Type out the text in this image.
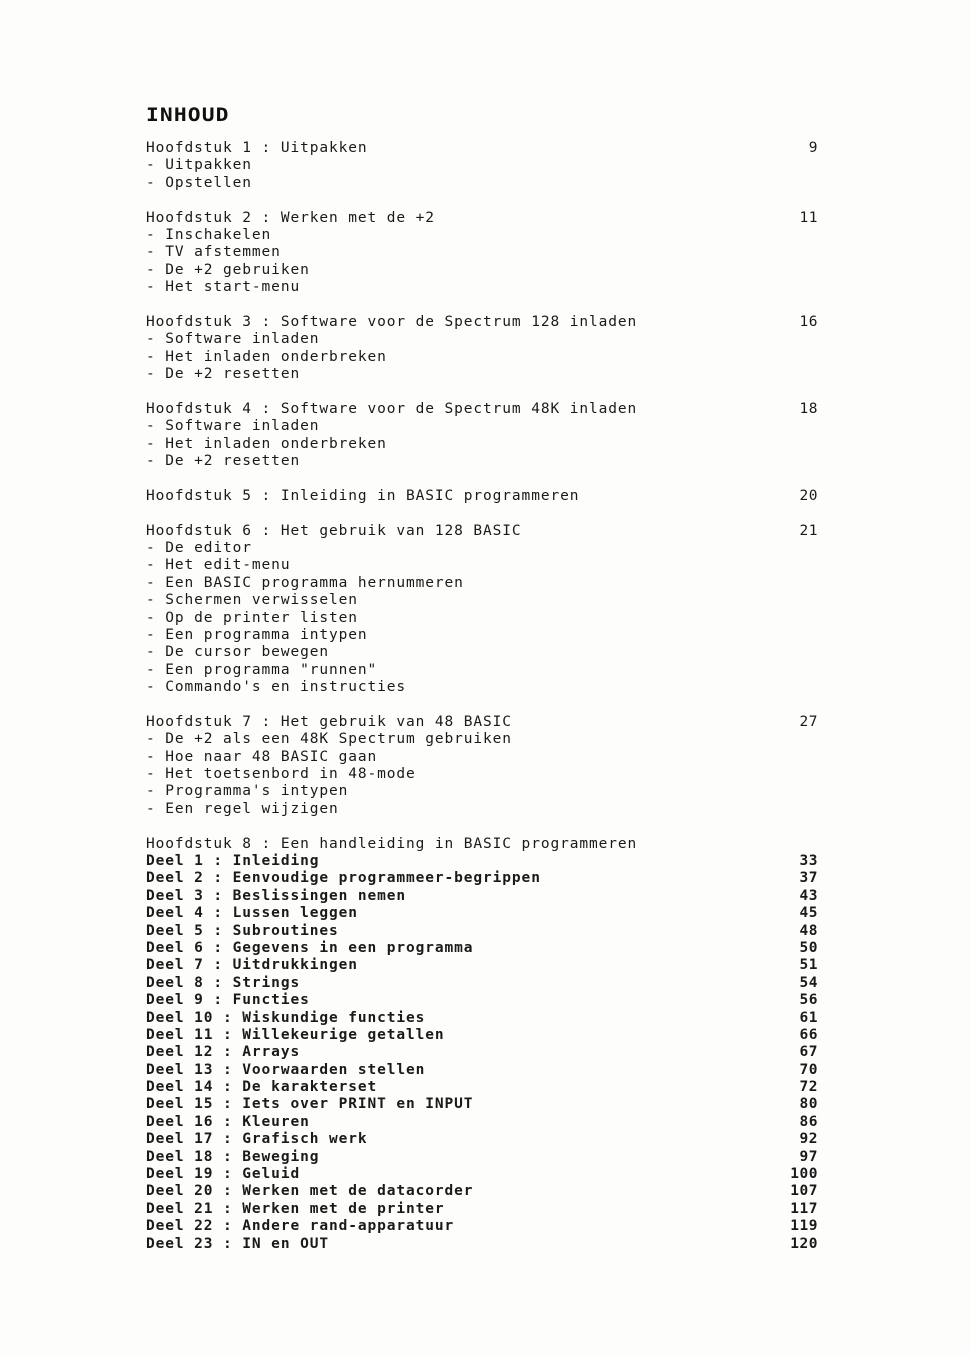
INHOUD
Hoofdstuk 1 : Uitpakken	9
- Uitpakken
- Opstellen
Hoofdstuk 2 : Werken met de +2	11
- Inschakelen
- TV afstemmen
- De +2 gebruiken
- Het start-menu
Hoofdstuk 3 : Software voor de Spectrum 128 inladen	16
- Software inladen
- Het inladen onderbreken
- De +2 resetten
Hoofdstuk 4 : Software voor de Spectrum 48K inladen	18
- Software inladen
- Het inladen onderbreken
- De +2 resetten
Hoofdstuk 5 : Inleiding in BASIC programmeren	20
Hoofdstuk 6 : Het gebruik van 128 BASIC	21
- De editor
- Het edit-menu
- Een BASIC programma hernummeren
- Schermen verwisselen
- Op de printer listen
- Een programma intypen
- De cursor bewegen
- Een programma "runnen"
- Commando's en instructies
Hoofdstuk 7 : Het gebruik van 48 BASIC	27
- De +2 als een 48K Spectrum gebruiken
- Hoe naar 48 BASIC gaan
- Het toetsenbord in 48-mode
- Programma's intypen
- Een regel wijzigen
Hoofdstuk 8 : Een handleiding in BASIC programmeren
Deel 1 : Inleiding	33
Deel 2 : Eenvoudige programmeer-begrippen	37
Deel 3 : Beslissingen nemen	43
Deel 4 : Lussen leggen	45
Deel 5 : Subroutines	48
Deel 6 : Gegevens in een programma	50
Deel 7 : Uitdrukkingen	51
Deel 8 : Strings	54
Deel 9 : Functies	56
Deel 10 : Wiskundige functies	61
Deel 11 : Willekeurige getallen	66
Deel 12 : Arrays	67
Deel 13 : Voorwaarden stellen	70
Deel 14 : De karakterset	72
Deel 15 : Iets over PRINT en INPUT	80
Deel 16 : Kleuren	86
Deel 17 : Grafisch werk	92
Deel 18 : Beweging	97
Deel 19 : Geluid	100
Deel 20 : Werken met de datacorder	107
Deel 21 : Werken met de printer	117
Deel 22 : Andere rand-apparatuur	119
Deel 23 : IN en OUT	120
